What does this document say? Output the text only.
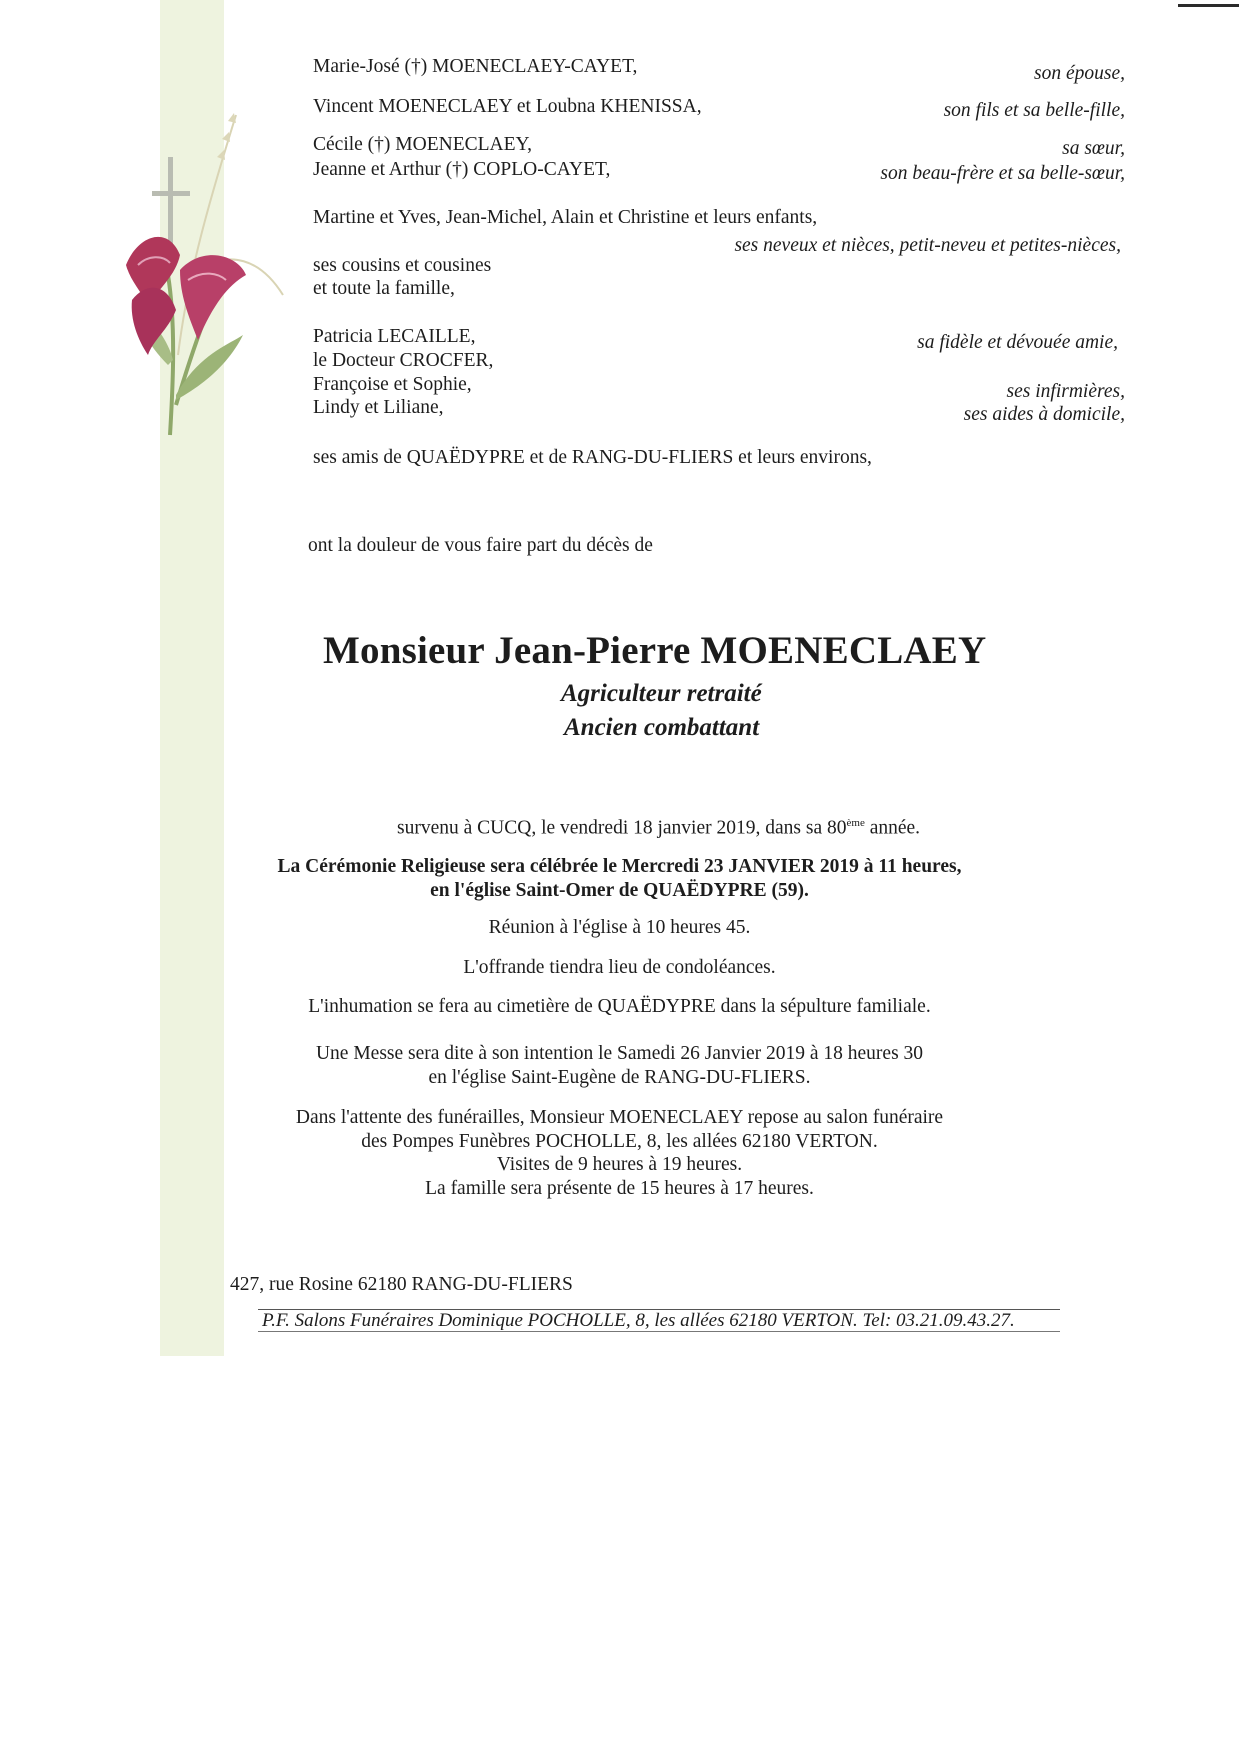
Marie-José (†) MOENECLAEY-CAYET,	son épouse,
Vincent MOENECLAEY et Loubna KHENISSA,	son fils et sa belle-fille,
Cécile (†) MOENECLAEY,	sa sœur,
Jeanne et Arthur (†) COPLO-CAYET,	son beau-frère et sa belle-sœur,
Martine et Yves, Jean-Michel, Alain et Christine et leurs enfants,
ses neveux et nièces, petit-neveu et petites-nièces,
ses cousins et cousines
et toute la famille,
Patricia LECAILLE,	sa fidèle et dévouée amie,
le Docteur CROCFER,
Françoise et Sophie,	ses infirmières,
Lindy et Liliane,	ses aides à domicile,
ses amis de QUAËDYPRE et de RANG-DU-FLIERS et leurs environs,
ont la douleur de vous faire part du décès de
Monsieur Jean-Pierre MOENECLAEY
Agriculteur retraité
Ancien combattant
survenu à CUCQ, le vendredi 18 janvier 2019, dans sa 80ème année.
La Cérémonie Religieuse sera célébrée le Mercredi 23 JANVIER 2019 à 11 heures,
en l'église Saint-Omer de QUAËDYPRE (59).
Réunion à l'église à 10 heures 45.
L'offrande tiendra lieu de condoléances.
L'inhumation se fera au cimetière de QUAËDYPRE dans la sépulture familiale.
Une Messe sera dite à son intention le Samedi 26 Janvier 2019 à 18 heures 30
en l'église Saint-Eugène de RANG-DU-FLIERS.
Dans l'attente des funérailles, Monsieur MOENECLAEY repose au salon funéraire
des Pompes Funèbres POCHOLLE, 8, les allées 62180 VERTON.
Visites de 9 heures à 19 heures.
La famille sera présente de 15 heures à 17 heures.
427, rue Rosine 62180 RANG-DU-FLIERS
P.F. Salons Funéraires Dominique POCHOLLE, 8, les allées 62180 VERTON. Tel: 03.21.09.43.27.
